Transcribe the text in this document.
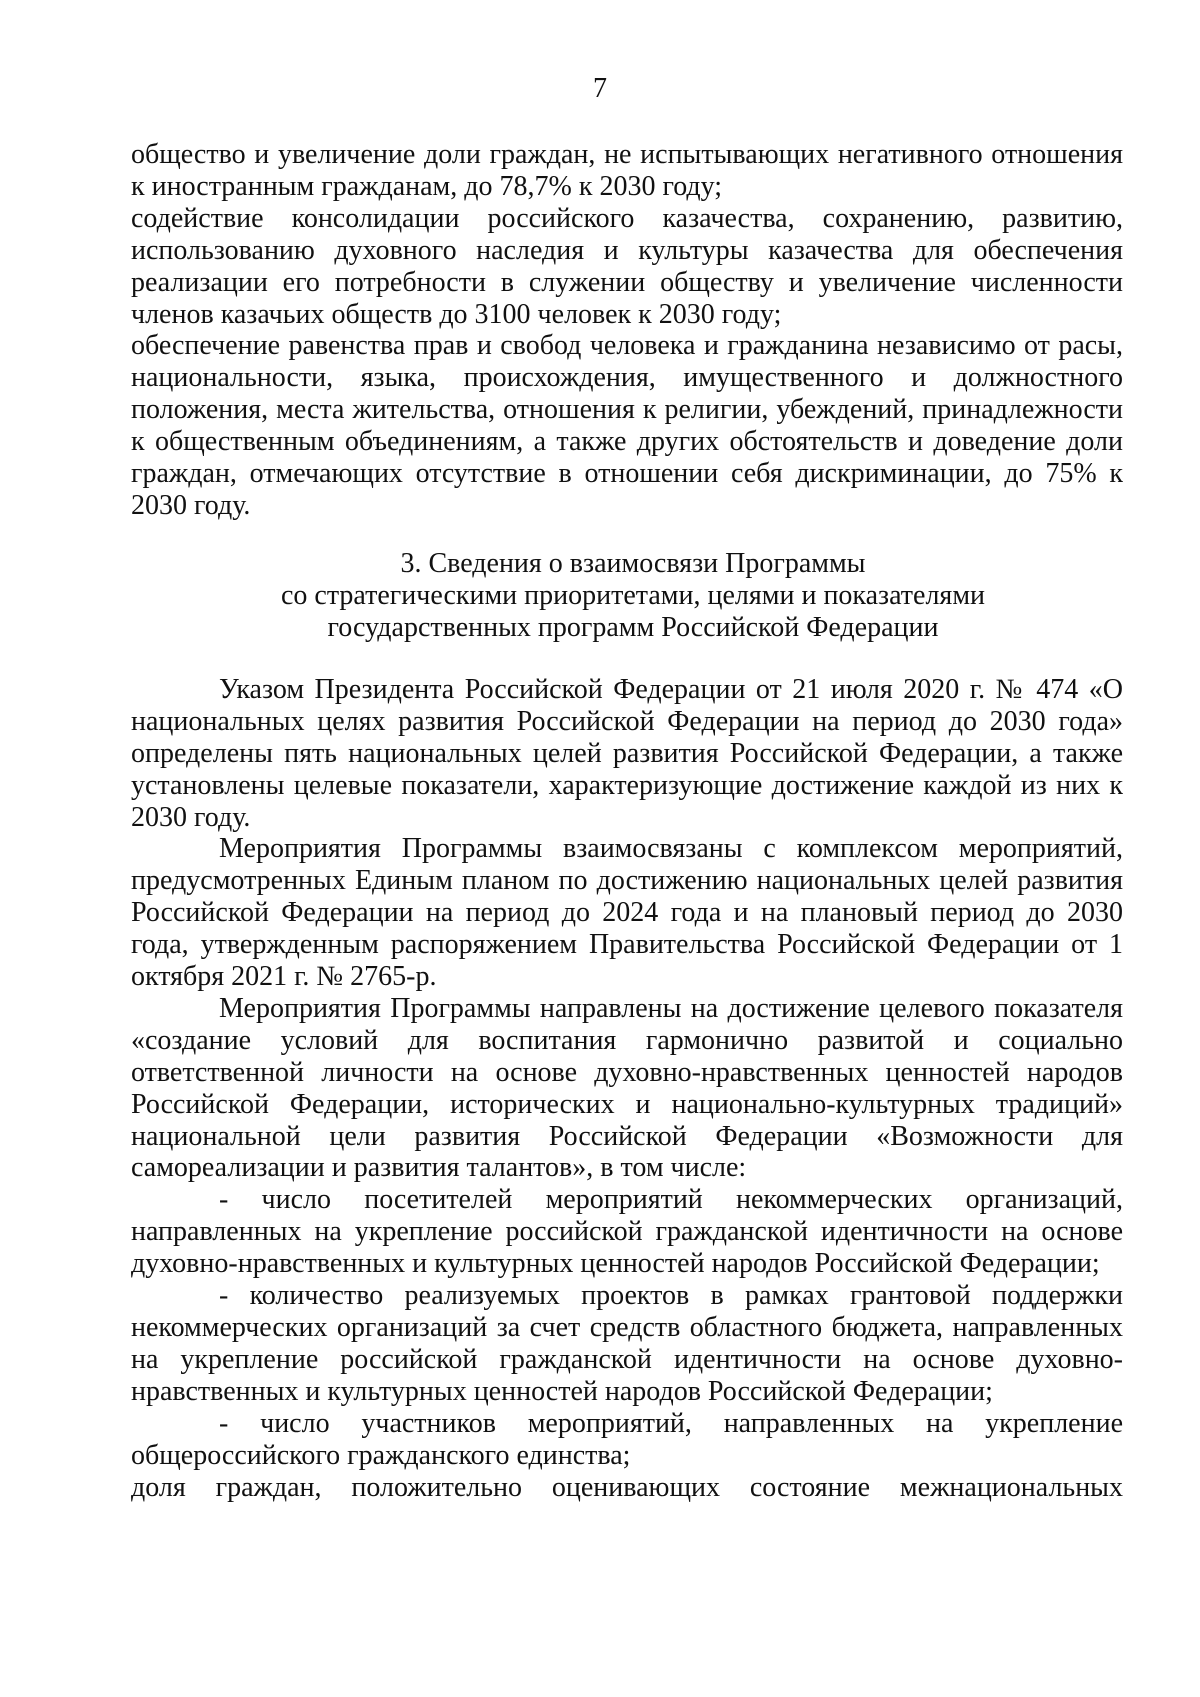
7

общество и увеличение доли граждан, не испытывающих негативного отношения к иностранным гражданам, до 78,7% к 2030 году;

содействие консолидации российского казачества, сохранению, развитию, использованию духовного наследия и культуры казачества для обеспечения реализации его потребности в служении обществу и увеличение численности членов казачьих обществ до 3100 человек к 2030 году;

обеспечение равенства прав и свобод человека и гражданина независимо от расы, национальности, языка, происхождения, имущественного и должностного положения, места жительства, отношения к религии, убеждений, принадлежности к общественным объединениям, а также других обстоятельств и доведение доли граждан, отмечающих отсутствие в отношении себя дискриминации, до 75% к 2030 году.

3. Сведения о взаимосвязи Программы
со стратегическими приоритетами, целями и показателями
государственных программ Российской Федерации

Указом Президента Российской Федерации от 21 июля 2020 г. № 474 «О национальных целях развития Российской Федерации на период до 2030 года» определены пять национальных целей развития Российской Федерации, а также установлены целевые показатели, характеризующие достижение каждой из них к 2030 году.

Мероприятия Программы взаимосвязаны с комплексом мероприятий, предусмотренных Единым планом по достижению национальных целей развития Российской Федерации на период до 2024 года и на плановый период до 2030 года, утвержденным распоряжением Правительства Российской Федерации от 1 октября 2021 г. № 2765-р.

Мероприятия Программы направлены на достижение целевого показателя «создание условий для воспитания гармонично развитой и социально ответственной личности на основе духовно-нравственных ценностей народов Российской Федерации, исторических и национально-культурных традиций» национальной цели развития Российской Федерации «Возможности для самореализации и развития талантов», в том числе:

- число посетителей мероприятий некоммерческих организаций, направленных на укрепление российской гражданской идентичности на основе духовно-нравственных и культурных ценностей народов Российской Федерации;

- количество реализуемых проектов в рамках грантовой поддержки некоммерческих организаций за счет средств областного бюджета, направленных на укрепление российской гражданской идентичности на основе духовно-нравственных и культурных ценностей народов Российской Федерации;

- число участников мероприятий, направленных на укрепление общероссийского гражданского единства;

доля граждан, положительно оценивающих состояние межнациональных
